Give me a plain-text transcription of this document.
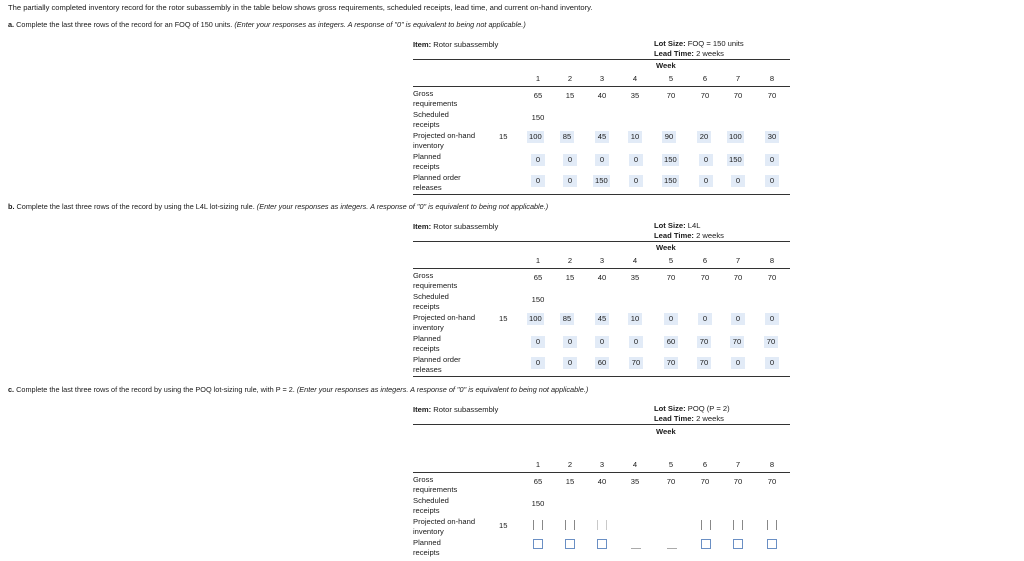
The partially completed inventory record for the rotor subassembly in the table below shows gross requirements, scheduled receipts, lead time, and current on-hand inventory.
a. Complete the last three rows of the record for an FOQ of 150 units. (Enter your responses as integers. A response of "0" is equivalent to being not applicable.)
Item: Rotor subassembly	Lot Size: FOQ = 150 units
Lead Time: 2 weeks
Week
1	2	3	4	5	6	7	8
Gross
requirements
65	15	40	35	70	70	70	70
Scheduled
receipts
150
Projected on-hand
inventory
15	100	85	45	10	90	20	100	30
Planned
receipts
0	0	0	0	150	0	150	0
Planned order
releases
0	0	150	0	150	0	0	0
b. Complete the last three rows of the record by using the L4L lot-sizing rule. (Enter your responses as integers. A response of "0" is equivalent to being not applicable.)
Item: Rotor subassembly	Lot Size: L4L
Lead Time: 2 weeks
Week
1	2	3	4	5	6	7	8
Gross
requirements
65	15	40	35	70	70	70	70
Scheduled
receipts
150
Projected on-hand
inventory
15	100	85	45	10	0	0	0	0
Planned
receipts
0	0	0	0	60	70	70	70
Planned order
releases
0	0	60	70	70	70	0	0
c. Complete the last three rows of the record by using the POQ lot-sizing rule, with P = 2. (Enter your responses as integers. A response of "0" is equivalent to being not applicable.)
Item: Rotor subassembly	Lot Size: POQ (P = 2)
Lead Time: 2 weeks
Week
1	2	3	4	5	6	7	8
Gross
requirements
65	15	40	35	70	70	70	70
Scheduled
receipts
150
Projected on-hand
inventory
15
Planned
receipts
